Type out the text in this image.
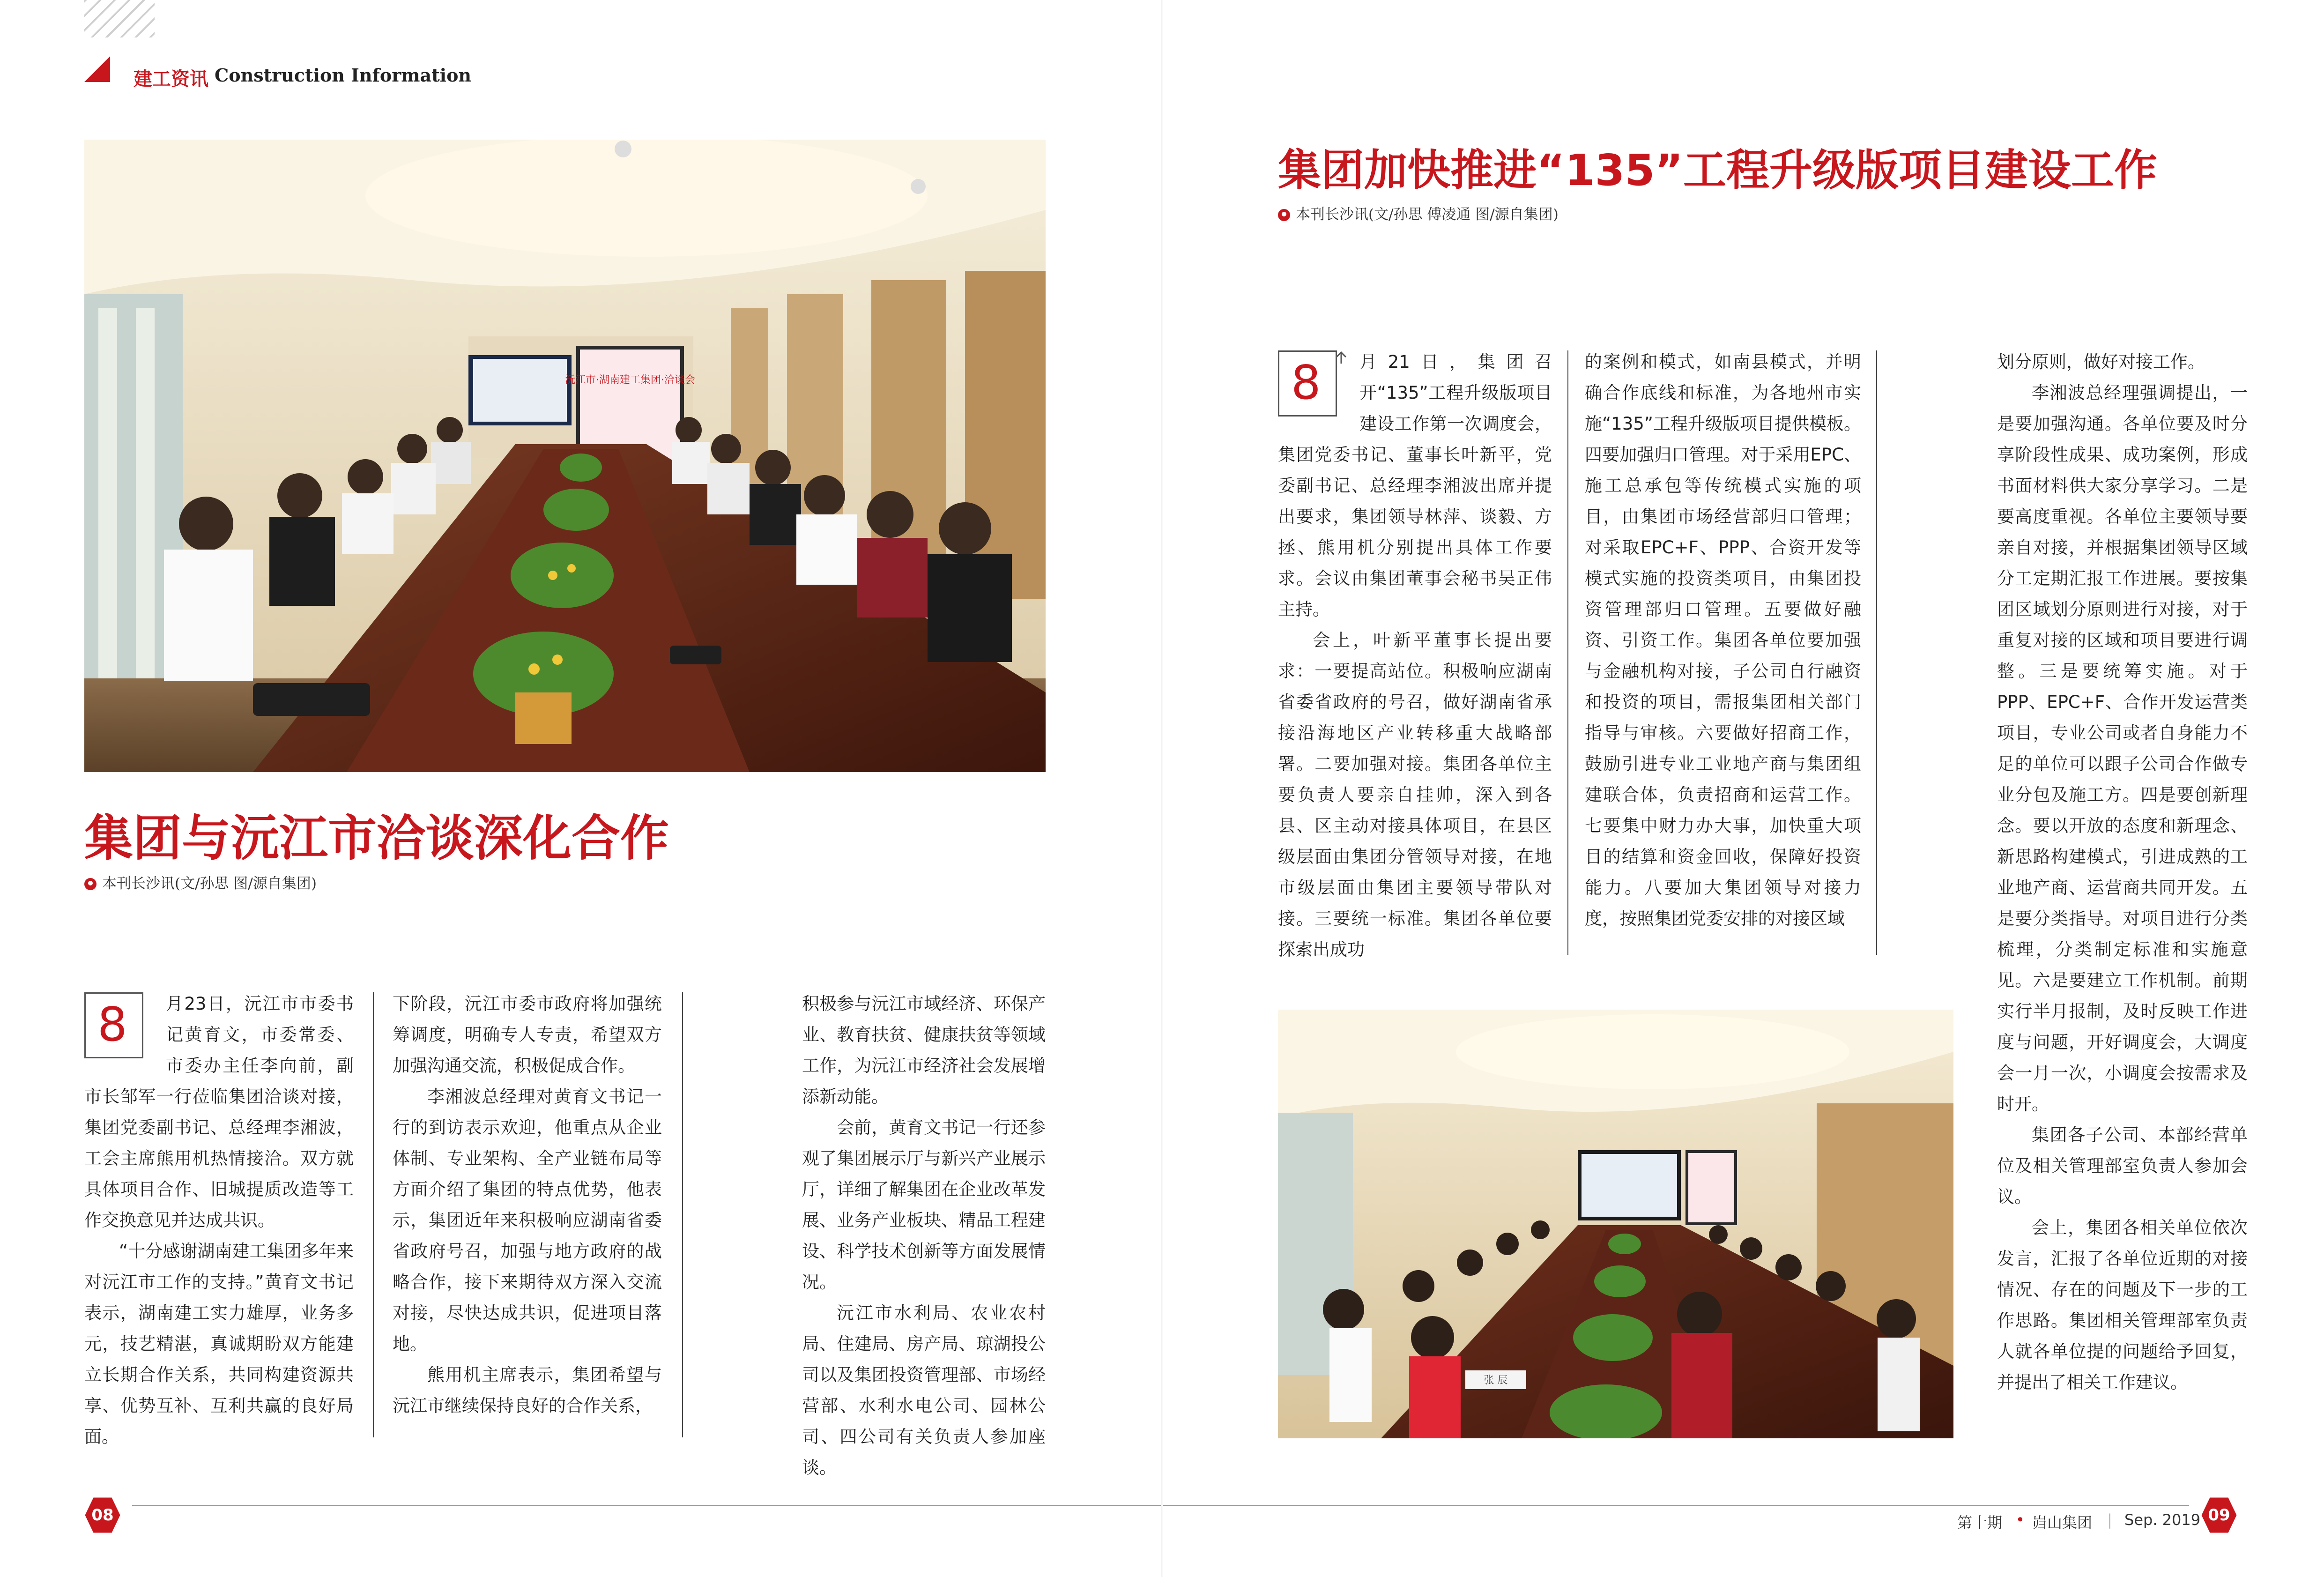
建工资讯 Construction Information
沅江市·湖南建工集团·洽谈会
集团与沅江市洽谈深化合作
本刊长沙讯(文/孙思 图/源自集团)
8	月23日，沅江市市委书记黄育文，市委常委、市委办主任李向前，副市长邹军一行莅临集团洽谈对接，集团党委副书记、总经理李湘波，工会主席熊用机热情接洽。双方就具体项目合作、旧城提质改造等工作交换意见并达成共识。

“十分感谢湖南建工集团多年来对沅江市工作的支持。”黄育文书记表示，湖南建工实力雄厚，业务多元，技艺精湛，真诚期盼双方能建立长期合作关系，共同构建资源共享、优势互补、互利共赢的良好局面。

下阶段，沅江市委市政府将加强统筹调度，明确专人专责，希望双方加强沟通交流，积极促成合作。

李湘波总经理对黄育文书记一行的到访表示欢迎，他重点从企业体制、专业架构、全产业链布局等方面介绍了集团的特点优势，他表示，集团近年来积极响应湖南省委省政府号召，加强与地方政府的战略合作，接下来期待双方深入交流对接，尽快达成共识，促进项目落地。

熊用机主席表示，集团希望与沅江市继续保持良好的合作关系，

积极参与沅江市域经济、环保产业、教育扶贫、健康扶贫等领域工作，为沅江市经济社会发展增添新动能。

会前，黄育文书记一行还参观了集团展示厅与新兴产业展示厅，详细了解集团在企业改革发展、业务产业板块、精品工程建设、科学技术创新等方面发展情况。

沅江市水利局、农业农村局、住建局、房产局、琼湖投公司以及集团投资管理部、市场经营部、水利水电公司、园林公司、四公司有关负责人参加座谈。

08
集团加快推进“135”工程升级版项目建设工作
本刊长沙讯(文/孙思 傅凌通 图/源自集团)
8	月21日，集团召开“135”工程升级版项目建设工作第一次调度会，集团党委书记、董事长叶新平，党委副书记、总经理李湘波出席并提出要求，集团领导林萍、谈毅、方拯、熊用机分别提出具体工作要求。会议由集团董事会秘书吴正伟主持。

会上，叶新平董事长提出要求：一要提高站位。积极响应湖南省委省政府的号召，做好湖南省承接沿海地区产业转移重大战略部署。二要加强对接。集团各单位主要负责人要亲自挂帅，深入到各县、区主动对接具体项目，在县区级层面由集团分管领导对接，在地市级层面由集团主要领导带队对接。三要统一标准。集团各单位要探索出成功

的案例和模式，如南县模式，并明确合作底线和标准，为各地州市实施“135”工程升级版项目提供模板。四要加强归口管理。对于采用EPC、施工总承包等传统模式实施的项目，由集团市场经营部归口管理；对采取EPC+F、PPP、合资开发等模式实施的投资类项目，由集团投资管理部归口管理。五要做好融资、引资工作。集团各单位要加强与金融机构对接，子公司自行融资和投资的项目，需报集团相关部门指导与审核。六要做好招商工作，鼓励引进专业工业地产商与集团组建联合体，负责招商和运营工作。七要集中财力办大事，加快重大项目的结算和资金回收，保障好投资能力。八要加大集团领导对接力度，按照集团党委安排的对接区域

划分原则，做好对接工作。

李湘波总经理强调提出，一是要加强沟通。各单位要及时分享阶段性成果、成功案例，形成书面材料供大家分享学习。二是要高度重视。各单位主要领导要亲自对接，并根据集团领导区域分工定期汇报工作进展。要按集团区域划分原则进行对接，对于重复对接的区域和项目要进行调整。三是要统筹实施。对于PPP、EPC+F、合作开发运营类项目，专业公司或者自身能力不足的单位可以跟子公司合作做专业分包及施工方。四是要创新理念。要以开放的态度和新理念、新思路构建模式，引进成熟的工业地产商、运营商共同开发。五是要分类指导。对项目进行分类梳理，分类制定标准和实施意见。六是要建立工作机制。前期实行半月报制，及时反映工作进度与问题，开好调度会，大调度会一月一次，小调度会按需求及时开。

集团各子公司、本部经营单位及相关管理部室负责人参加会议。

会上，集团各相关单位依次发言，汇报了各单位近期的对接情况、存在的问题及下一步的工作思路。集团相关管理部室负责人就各单位提的问题给予回复，并提出了相关工作建议。

张 辰
第十期 • 岿山集团 | Sep. 2019 09
